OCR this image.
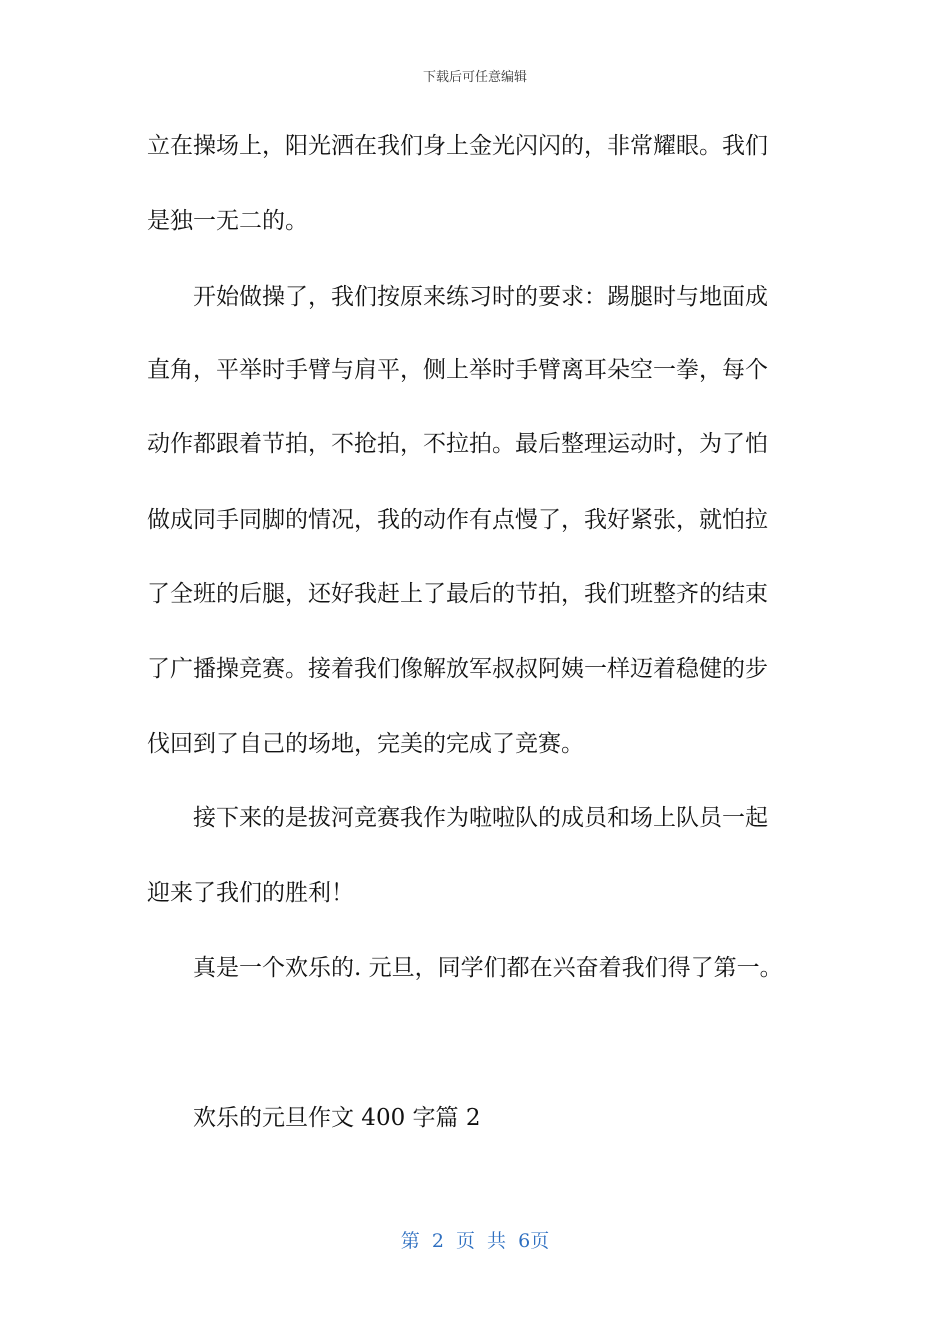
下载后可任意编辑
立在操场上，阳光洒在我们身上金光闪闪的，非常耀眼。我们
是独一无二的。
开始做操了，我们按原来练习时的要求：踢腿时与地面成
直角，平举时手臂与肩平，侧上举时手臂离耳朵空一拳，每个
动作都跟着节拍，不抢拍，不拉拍。最后整理运动时，为了怕
做成同手同脚的情况，我的动作有点慢了，我好紧张，就怕拉
了全班的后腿，还好我赶上了最后的节拍，我们班整齐的结束
了广播操竞赛。接着我们像解放军叔叔阿姨一样迈着稳健的步
伐回到了自己的场地，完美的完成了竞赛。
接下来的是拔河竞赛我作为啦啦队的成员和场上队员一起
迎来了我们的胜利！
真是一个欢乐的. 元旦，同学们都在兴奋着我们得了第一。
欢乐的元旦作文 400 字篇 2
第 2 页 共 6页
